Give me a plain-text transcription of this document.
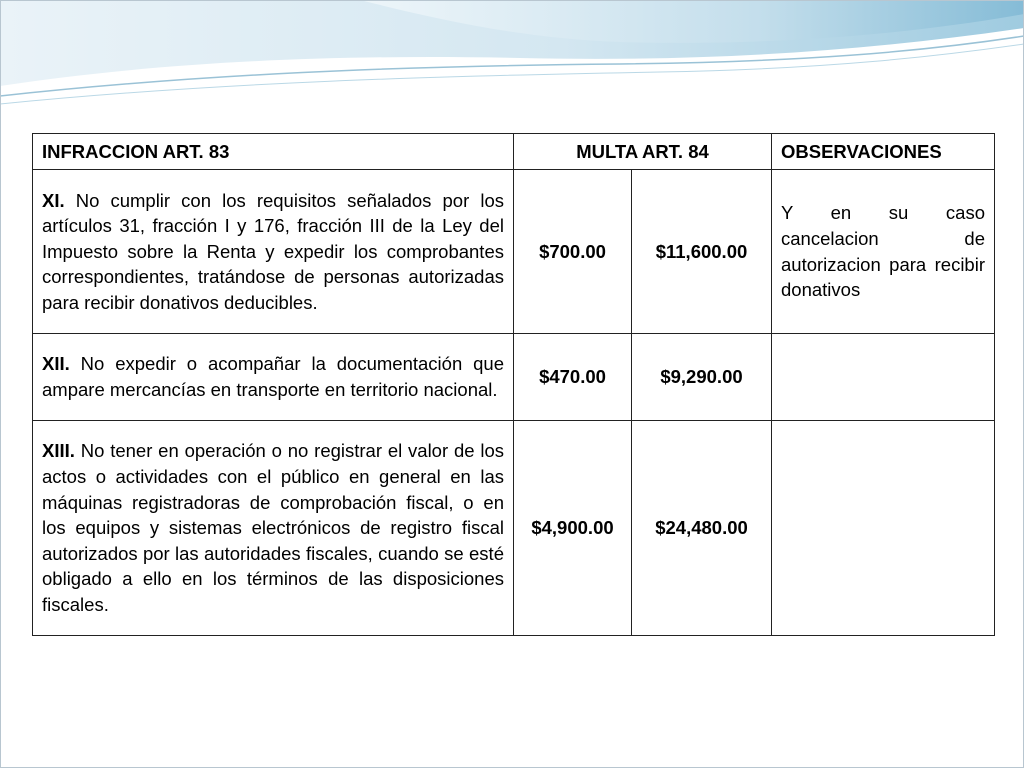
INFRACCION ART. 83	MULTA ART. 84		OBSERVACIONES
XI. No cumplir con los requisitos señalados por los artículos 31, fracción I y 176, fracción III de la Ley del Impuesto sobre la Renta y expedir los comprobantes correspondientes, tratándose de personas autorizadas para recibir donativos deducibles.	$700.00	$11,600.00	Y en su caso cancelacion de autorizacion para recibir donativos
XII. No expedir o acompañar la documentación que ampare mercancías en transporte en territorio nacional.	$470.00	$9,290.00	
XIII. No tener en operación o no registrar el valor de los actos o actividades con el público en general en las máquinas registradoras de comprobación fiscal, o en los equipos y sistemas electrónicos de registro fiscal autorizados por las autoridades fiscales, cuando se esté obligado a ello en los términos de las disposiciones fiscales.	$4,900.00	$24,480.00	
